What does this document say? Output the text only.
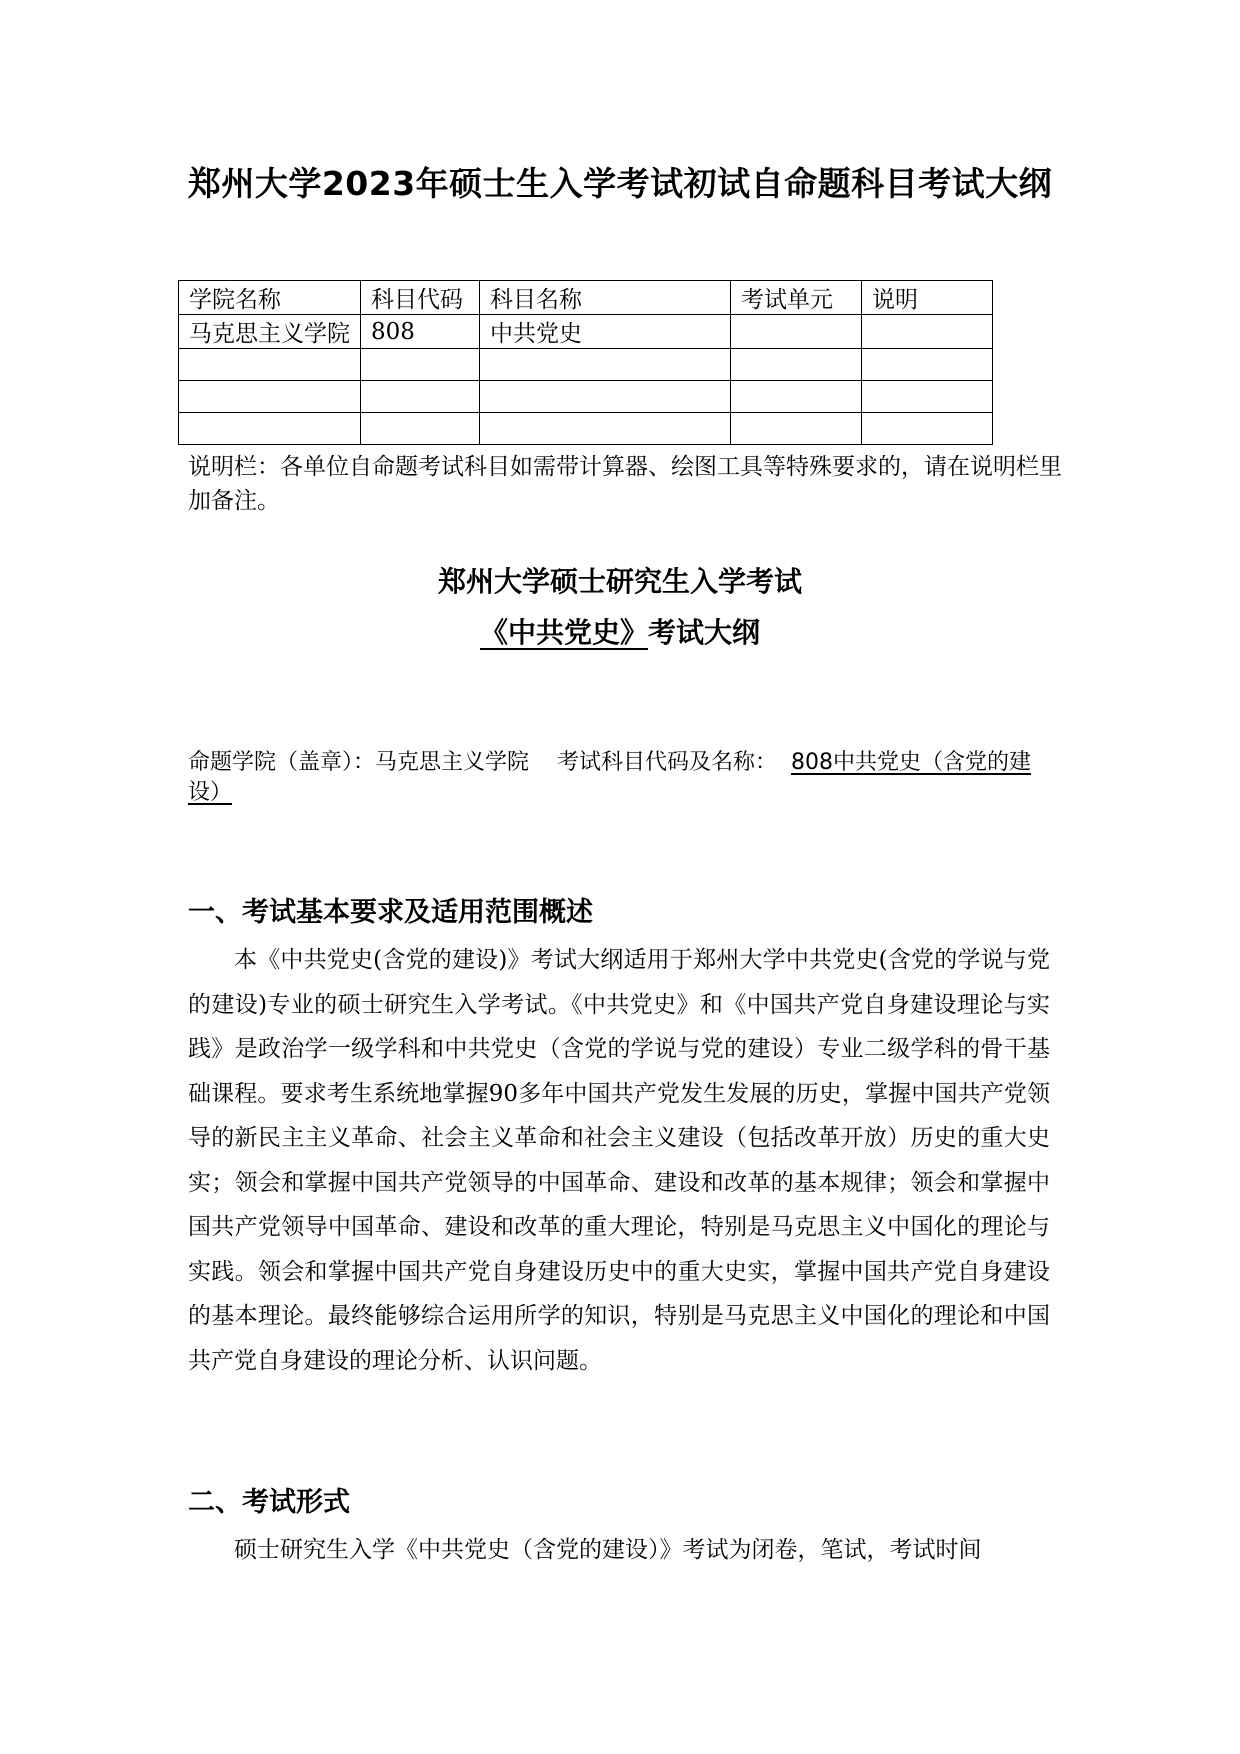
郑州大学2023年硕士生入学考试初试自命题科目考试大纲
学院名称	科目代码	科目名称	考试单元	说明
马克思主义学院	808	中共党史		

说明栏：各单位自命题考试科目如需带计算器、绘图工具等特殊要求的，请在说明栏里加备注。

郑州大学硕士研究生入学考试
《中共党史》考试大纲

命题学院（盖章）：马克思主义学院 考试科目代码及名称： 808中共党史（含党的建设）

一、考试基本要求及适用范围概述

本《中共党史(含党的建设)》考试大纲适用于郑州大学中共党史(含党的学说与党的建设)专业的硕士研究生入学考试。《中共党史》和《中国共产党自身建设理论与实践》是政治学一级学科和中共党史（含党的学说与党的建设）专业二级学科的骨干基础课程。要求考生系统地掌握90多年中国共产党发生发展的历史，掌握中国共产党领导的新民主主义革命、社会主义革命和社会主义建设（包括改革开放）历史的重大史实；领会和掌握中国共产党领导的中国革命、建设和改革的基本规律；领会和掌握中国共产党领导中国革命、建设和改革的重大理论，特别是马克思主义中国化的理论与实践。领会和掌握中国共产党自身建设历史中的重大史实，掌握中国共产党自身建设的基本理论。最终能够综合运用所学的知识，特别是马克思主义中国化的理论和中国共产党自身建设的理论分析、认识问题。

二、考试形式

硕士研究生入学《中共党史（含党的建设）》考试为闭卷，笔试，考试时间
